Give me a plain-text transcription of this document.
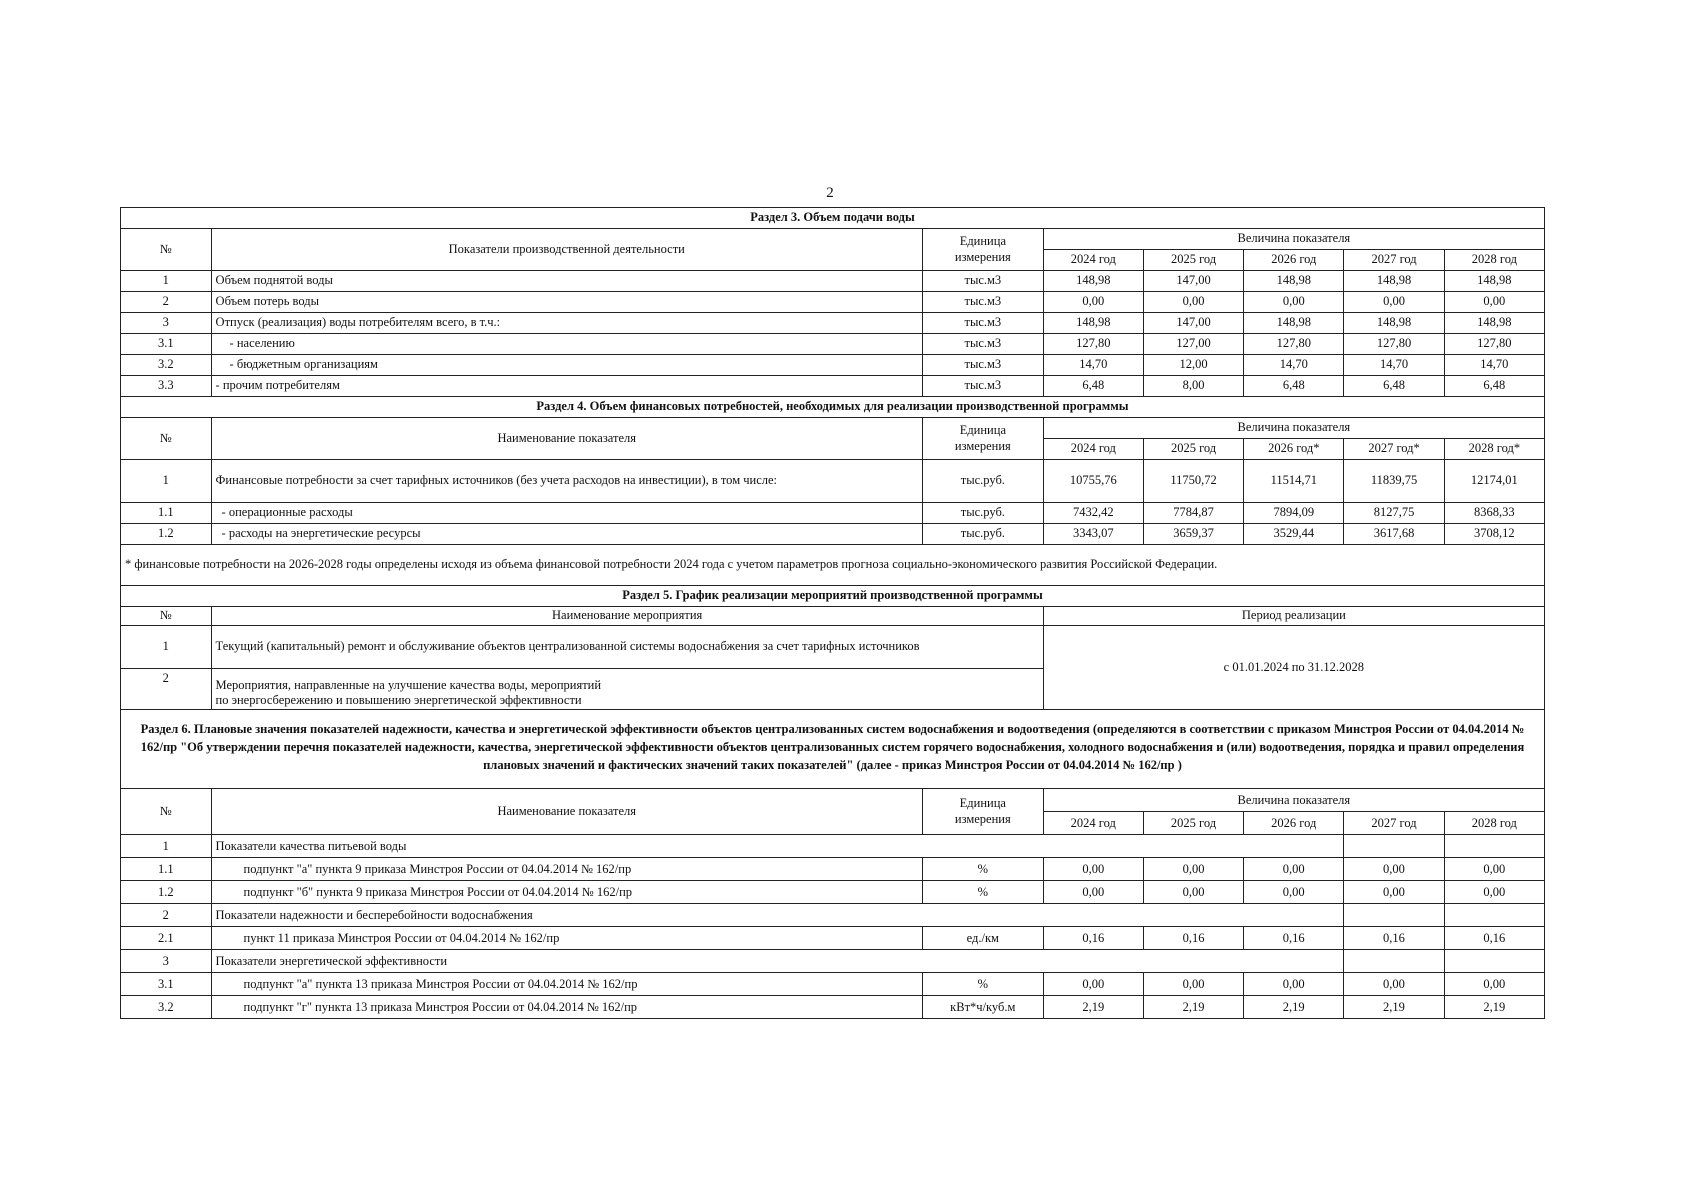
2
Раздел 3. Объем подачи воды							
№	Показатели производственной деятельности	Единица
измерения	Величина показателя				
			2024 год	2025 год	2026 год	2027 год	2028 год
1	Объем поднятой воды	тыс.м3	148,98	147,00	148,98	148,98	148,98
2	Объем потерь воды	тыс.м3	0,00	0,00	0,00	0,00	0,00
3	Отпуск (реализация) воды потребителям всего, в т.ч.:	тыс.м3	148,98	147,00	148,98	148,98	148,98
3.1	- населению	тыс.м3	127,80	127,00	127,80	127,80	127,80
3.2	- бюджетным организациям	тыс.м3	14,70	12,00	14,70	14,70	14,70
3.3	- прочим потребителям	тыс.м3	6,48	8,00	6,48	6,48	6,48
Раздел 4. Объем финансовых потребностей, необходимых для реализации производственной программы							
№	Наименование показателя	Единица
измерения	Величина показателя				
			2024 год	2025 год	2026 год*	2027 год*	2028 год*
1	Финансовые потребности за счет тарифных источников (без учета расходов на инвестиции), в том числе:	тыс.руб.	10755,76	11750,72	11514,71	11839,75	12174,01
1.1	- операционные расходы	тыс.руб.	7432,42	7784,87	7894,09	8127,75	8368,33
1.2	- расходы на энергетические ресурсы	тыс.руб.	3343,07	3659,37	3529,44	3617,68	3708,12
* финансовые потребности на 2026-2028 годы определены исходя из объема финансовой потребности 2024 года с учетом параметров прогноза социально-экономического развития Российской Федерации.							
Раздел 5. График реализации мероприятий производственной программы		
№	Наименование мероприятия	Период реализации
1	Текущий (капитальный) ремонт и обслуживание объектов централизованной системы водоснабжения за счет тарифных источников	с 01.01.2024 по 31.12.2028
2	Мероприятия, направленные на улучшение качества воды, мероприятий
по энергосбережению и повышению энергетической эффективности	
Раздел 6. Плановые значения показателей надежности, качества и энергетической эффективности объектов централизованных систем водоснабжения и водоотведения (определяются в соответствии с приказом Минстроя России от 04.04.2014 № 162/пр "Об утверждении перечня показателей надежности, качества, энергетической эффективности объектов централизованных систем горячего водоснабжения, холодного водоснабжения и (или) водоотведения, порядка и правил определения плановых значений и фактических значений таких показателей" (далее - приказ Минстроя России от 04.04.2014 № 162/пр )							
№	Наименование показателя	Единица
измерения	Величина показателя				
			2024 год	2025 год	2026 год	2027 год	2028 год
1	Показатели качества питьевой воды						
1.1	подпункт "а" пункта 9 приказа Минстроя России от 04.04.2014 № 162/пр	%	0,00	0,00	0,00	0,00	0,00
1.2	подпункт "б" пункта 9 приказа Минстроя России от 04.04.2014 № 162/пр	%	0,00	0,00	0,00	0,00	0,00
2	Показатели надежности и бесперебойности водоснабжения						
2.1	пункт 11 приказа Минстроя России от 04.04.2014 № 162/пр	ед./км	0,16	0,16	0,16	0,16	0,16
3	Показатели энергетической эффективности						
3.1	подпункт "а" пункта 13 приказа Минстроя России от 04.04.2014 № 162/пр	%	0,00	0,00	0,00	0,00	0,00
3.2	подпункт "г" пункта 13 приказа Минстроя России от 04.04.2014 № 162/пр	кВт*ч/куб.м	2,19	2,19	2,19	2,19	2,19
